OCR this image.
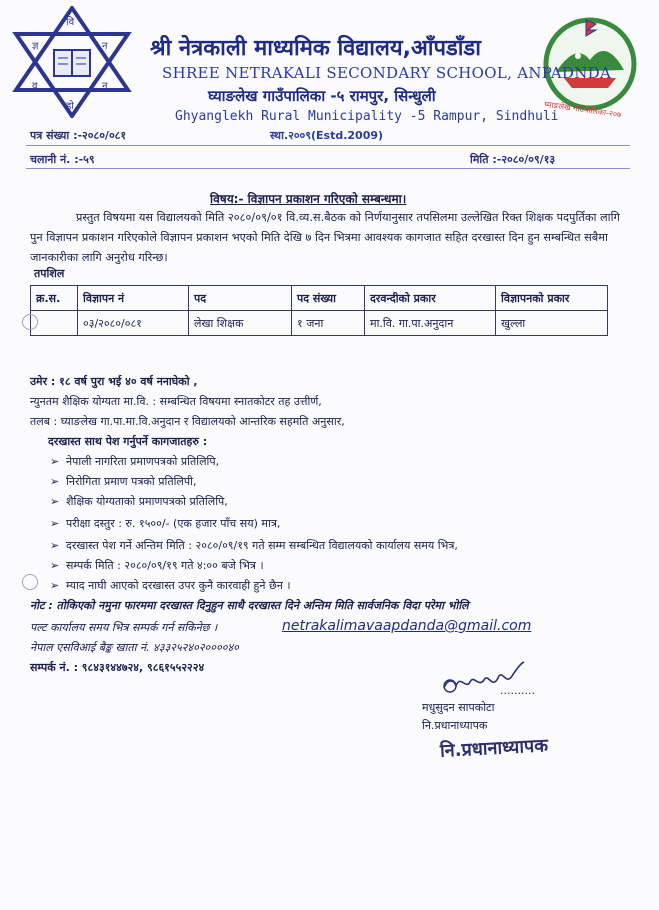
वि
ज्ञ	न
व
हो
न
घ्याङलेख गाउँपालिका-२०७
श्री नेत्रकाली माध्यमिक विद्यालय,आँपडाँडा
SHREE NETRAKALI SECONDARY SCHOOL, ANPADNDA
घ्याङलेख गाउँपालिका -५ रामपुर, सिन्धुली
Ghyanglekh Rural Municipality -5 Rampur, Sindhuli
स्था.२००९(Estd.2009)
पत्र संख्या :-२०८०/०८१
चलानी नं. :-५९	मिति :-२०८०/०९/१३
विषय:- विज्ञापन प्रकाशन गरिएको सम्बन्धमा।
प्रस्तुत विषयमा यस विद्यालयको मिति २०८०/०९/०१ वि.व्य.स.बैठक को निर्णयानुसार तपसिलमा उल्लेखित रिक्त शिक्षक पदपुर्तिका लागि पुन विज्ञापन प्रकाशन गरिएकोले विज्ञापन प्रकाशन भएको मिति देखि ७ दिन भित्रमा आवश्यक कागजात सहित दरखास्त दिन हुन सम्बन्धित सबैमा जानकारीका लागि अनुरोध गरिन्छ।
तपशिल
क्र.स.	विज्ञापन नं	पद	पद संख्या	दरवन्दीको प्रकार	विज्ञापनको प्रकार
	०३/२०८०/०८१	लेखा शिक्षक	१ जना	मा.वि. गा.पा.अनुदान	खुल्ला
उमेर : १८ वर्ष पुरा भई ४० वर्ष ननाघेको ,
न्युनतम शैक्षिक योग्यता मा.वि. : सम्बन्धित विषयमा स्नातकोटर तह उत्तीर्ण,
तलब : घ्याङलेख गा.पा.मा.वि.अनुदान र विद्यालयको आन्तरिक सहमति अनुसार,
दरखास्त साथ पेश गर्नुपर्ने कागजातहरु :
➢ नेपाली नागरिता प्रमाणपत्रको प्रतिलिपि,
➢ निरोगिता प्रमाण पत्रको प्रतिलिपी,
➢ शैक्षिक योग्यताको प्रमाणपत्रको प्रतिलिपि,
➢ परीक्षा दस्तुर : रु. १५००/- (एक हजार पाँच सय) मात्र,
➢ दरखास्त पेश गर्ने अन्तिम मिति : २०८०/०९/१९ गते सम्म सम्बन्धित विद्यालयको कार्यालय समय भित्र,
➢ सम्पर्क मिति : २०८०/०९/१९ गते ४:०० बजे भित्र ।
➢ म्याद नाघी आएको दरखास्त उपर कुनै कारवाही हुने छैन ।
नोट : तोकिएको नमुना फारममा दरखास्त दिनुहुन साथै दरखास्त दिने अन्तिम मिति सार्वजनिक विदा परेमा भोलि
पल्ट कार्यालय समय भित्र सम्पर्क गर्न सकिनेछ ।	netrakalimavaapdanda@gmail.com
नेपाल एसविआई बैङ्क खाता नं. ४३३२५२४०२००००४०
सम्पर्क नं. : ९८४३१४४७२४, ९८६१५५२२२४
..........
मधुसुदन सापकोटा
नि.प्रधानाध्यापक
नि.प्रधानाध्यापक
